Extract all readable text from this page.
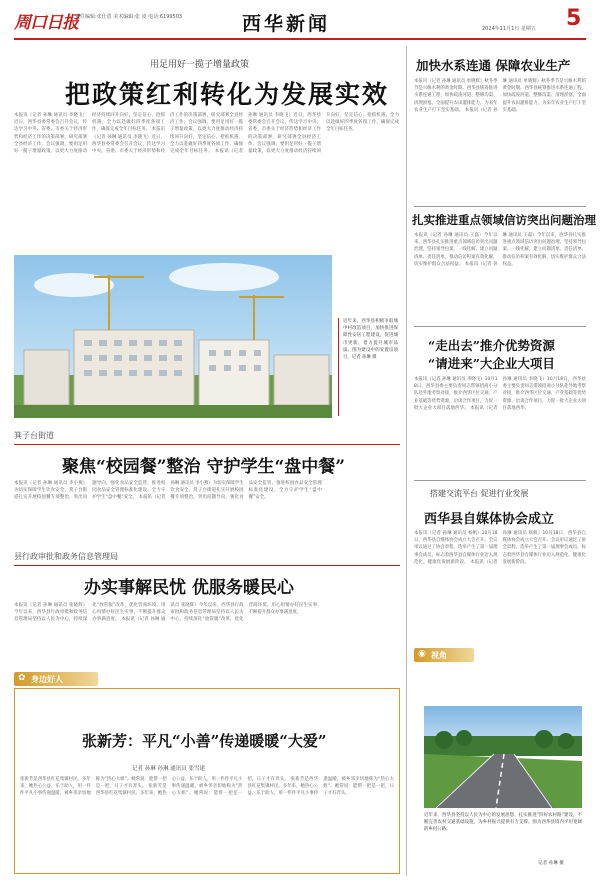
周口日报
责任编辑:张仕恩 美术编辑:张 凌 电话:6199503	西华新闻	2024年11月1日 星期五 5
用足用好一揽子增量政策
把政策红利转化为发展实效
本报讯（记者 孙琳 通讯员 李晓飞）近日，西华县委常委会召开会议，传达学习中央、省委、市委关于经济形势和经济工作的决策部署，研究部署全县经济工作。会议强调，要用足用好一揽子增量政策，以更大力度推动经济持续回升向好，坚定信心、抢抓机遇，全力以赴做好四季度各项工作，确保完成全年目标任务。 本报讯（记者 孙琳 通讯员 李晓飞）近日，西华县委常委会召开会议，传达学习中央、省委、市委关于经济形势和经济工作的决策部署，研究部署全县经济工作。会议强调，要用足用好一揽子增量政策，以更大力度推动经济持续回升向好，坚定信心、抢抓机遇，全力以赴做好四季度各项工作，确保完成全年目标任务。 本报讯（记者 孙琳 通讯员 李晓飞）近日，西华县委常委会召开会议，传达学习中央、省委、市委关于经济形势和经济工作的决策部署，研究部署全县经济工作。会议强调，要用足用好一揽子增量政策，以更大力度推动经济持续回升向好，坚定信心、抢抓机遇，全力以赴做好四季度各项工作，确保完成全年目标任务。
近年来，西华县积极争取城中村改造项目，加快推进保障性安居工程建设，促进城市更新，着力提升城市品质。图为建设中的安置房项目。记者 孙琳 摄
箕子台街道
聚焦“校园餐”整治 守护学生“盘中餐”
本报讯（记者 孙琳 通讯员 李小燕）为切实保障学生饮食安全，箕子台街道扎实开展校园餐专项整治，突出问题导向，强化食品安全监管，推进校园食品安全管理标准化建设，全力守护学生“盘中餐”安全。 本报讯（记者 孙琳 通讯员 李小燕）为切实保障学生饮食安全，箕子台街道扎实开展校园餐专项整治，突出问题导向，强化食品安全监管，推进校园食品安全管理标准化建设，全力守护学生“盘中餐”安全。
县行政审批和政务信息管理局
办实事解民忧 优服务暖民心
本报讯（记者 孙琳 通讯员 张晓辉）今年以来，西华县行政审批和政务信息管理局坚持以人民为中心，持续深化“放管服”改革，优化营商环境，用心用情办好民生实事，不断提升群众办事满意度。 本报讯（记者 孙琳 通讯员 张晓辉）今年以来，西华县行政审批和政务信息管理局坚持以人民为中心，持续深化“放管服”改革，优化营商环境，用心用情办好民生实事，不断提升群众办事满意度。
✿ 身边好人
张新芳：平凡“小善”传递暖暖“大爱”
记者 孙琳 孙琳 通讯员 张雪建
张新芳是西华县红花集镇村民。多年来，她热心公益、乐于助人，用一件件平凡小事传递温暖，被乡邻亲切地称为“热心大姐”。她常说：能帮一把是一把，日子才有奔头。 张新芳是西华县红花集镇村民。多年来，她热心公益、乐于助人，用一件件平凡小事传递温暖，被乡邻亲切地称为“热心大姐”。她常说：能帮一把是一把，日子才有奔头。 张新芳是西华县红花集镇村民。多年来，她热心公益、乐于助人，用一件件平凡小事传递温暖，被乡邻亲切地称为“热心大姐”。她常说：能帮一把是一把，日子才有奔头。
加快水系连通 保障农业生产
本报讯（记者 孙琳 通讯员 单晓辉）秋冬季节是兴修水利的黄金时期。西华县统筹推进水系连通工程，加快疏浚河道、整修沟渠、清理淤塞，全面提升农田灌排能力，为来年农业生产打下坚实基础。 本报讯（记者 孙琳 通讯员 单晓辉）秋冬季节是兴修水利的黄金时期。西华县统筹推进水系连通工程，加快疏浚河道、整修沟渠、清理淤塞，全面提升农田灌排能力，为来年农业生产打下坚实基础。
扎实推进重点领域信访突出问题治理
本报讯（记者 孙琳 通讯员 王磊）今年以来，西华县扎实推进重点领域信访突出问题治理，坚持领导包案、一线化解，建立问题清单、责任清单，推动信访积案有效化解，切实维护群众合法权益。 本报讯（记者 孙琳 通讯员 王磊）今年以来，西华县扎实推进重点领域信访突出问题治理，坚持领导包案、一线化解，建立问题清单、责任清单，推动信访积案有效化解，切实维护群众合法权益。
“走出去”推介优势资源
“请进来”大企业大项目
本报讯（记者 孙琳 通讯员 李晓飞）10月18日，西华县委主要负责同志带领招商小分队赴外地考察对接，推介西华区位交通、产业基础等优势资源，洽谈合作项目，力促一批大企业大项目落地西华。 本报讯（记者 孙琳 通讯员 李晓飞）10月18日，西华县委主要负责同志带领招商小分队赴外地考察对接，推介西华区位交通、产业基础等优势资源，洽谈合作项目，力促一批大企业大项目落地西华。
搭建交流平台 促进行业发展
西华县自媒体协会成立
本报讯（记者 孙琳 通讯员 杨帆）10月18日，西华县自媒体协会成立大会召开。会议审议通过了协会章程，选举产生了第一届理事会成员，标志着西华县自媒体行业迈入规范化、健康化发展新阶段。 本报讯（记者 孙琳 通讯员 杨帆）10月18日，西华县自媒体协会成立大会召开。会议审议通过了协会章程，选举产生了第一届理事会成员，标志着西华县自媒体行业迈入规范化、健康化发展新阶段。
◉ 视角
近年来，西华县坚持以人民为中心的发展思想，扎实推进“四好农村路”建设，不断完善农村交通基础设施，为乡村振兴提供有力支撑。图为西华县境内平坦宽阔的乡村公路。
记者 孙琳 摄
